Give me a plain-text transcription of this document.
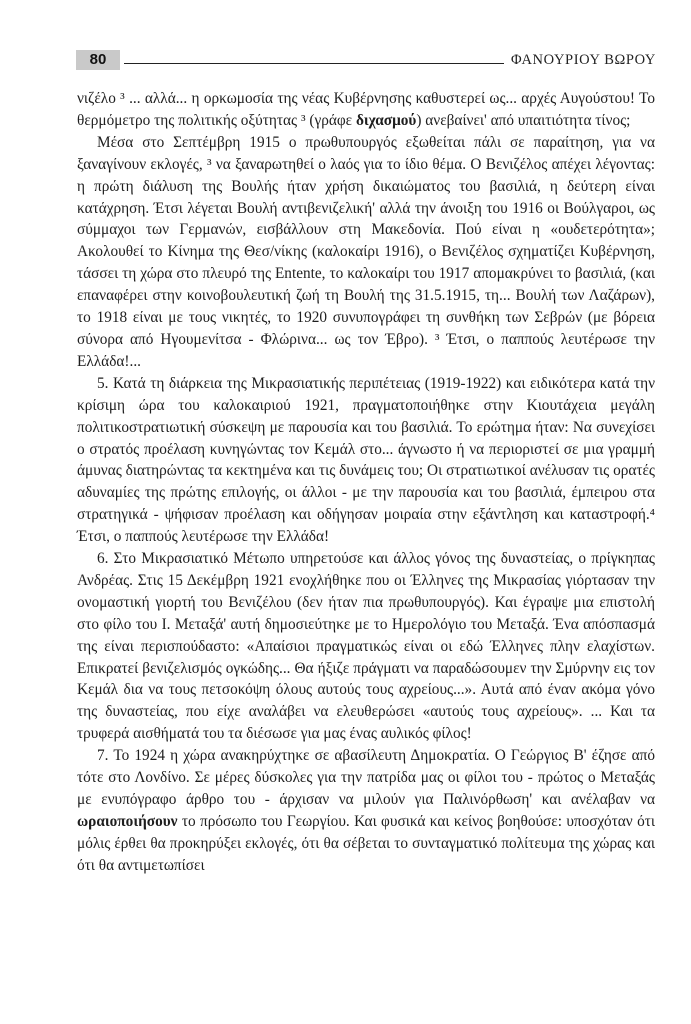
80	ΦΑΝΟΥΡΙΟΥ ΒΩΡΟΥ

νιζέλο ³ ... αλλά... η ορκωμοσία της νέας Κυβέρνησης καθυστερεί ως... αρχές Αυγούστου! Το θερμόμετρο της πολιτικής οξύτητας ³ (γράφε διχασμού) ανεβαίνει' από υπαιτιότητα τίνος;

Μέσα στο Σεπτέμβρη 1915 ο πρωθυπουργός εξωθείται πάλι σε παραίτηση, για να ξαναγίνουν εκλογές, ³ να ξαναρωτηθεί ο λαός για το ίδιο θέμα. Ο Βενιζέλος απέχει λέγοντας: η πρώτη διάλυση της Βουλής ήταν χρήση δικαιώματος του βασιλιά, η δεύτερη είναι κατάχρηση. Έτσι λέγεται Βουλή αντιβενιζελική' αλλά την άνοιξη του 1916 οι Βούλγαροι, ως σύμμαχοι των Γερμανών, εισβάλλουν στη Μακεδονία. Πού είναι η «ουδετερότητα»; Ακολουθεί το Κίνημα της Θεσ/νίκης (καλοκαίρι 1916), ο Βενιζέλος σχηματίζει Κυβέρνηση, τάσσει τη χώρα στο πλευρό της Entente, το καλοκαίρι του 1917 απομακρύνει το βασιλιά, (και επαναφέρει στην κοινοβουλευτική ζωή τη Βουλή της 31.5.1915, τη... Βουλή των Λαζάρων), το 1918 είναι με τους νικητές, το 1920 συνυπογράφει τη συνθήκη των Σεβρών (με βόρεια σύνορα από Ηγουμενίτσα - Φλώρινα... ως τον Έβρο). ³ Έτσι, ο παππούς λευτέρωσε την Ελλάδα!...

5. Κατά τη διάρκεια της Μικρασιατικής περιπέτειας (1919-1922) και ειδικότερα κατά την κρίσιμη ώρα του καλοκαιριού 1921, πραγματοποιήθηκε στην Κιουτάχεια μεγάλη πολιτικοστρατιωτική σύσκεψη με παρουσία και του βασιλιά. Το ερώτημα ήταν: Να συνεχίσει ο στρατός προέλαση κυνηγώντας τον Κεμάλ στο... άγνωστο ή να περιοριστεί σε μια γραμμή άμυνας διατηρώντας τα κεκτημένα και τις δυνάμεις του; Οι στρατιωτικοί ανέλυσαν τις ορατές αδυναμίες της πρώτης επιλογής, οι άλλοι - με την παρουσία και του βασιλιά, έμπειρου στα στρατηγικά - ψήφισαν προέλαση και οδήγησαν μοιραία στην εξάντληση και καταστροφή.⁴ Έτσι, ο παππούς λευτέρωσε την Ελλάδα!

6. Στο Μικρασιατικό Μέτωπο υπηρετούσε και άλλος γόνος της δυναστείας, ο πρίγκηπας Ανδρέας. Στις 15 Δεκέμβρη 1921 ενοχλήθηκε που οι Έλληνες της Μικρασίας γιόρτασαν την ονομαστική γιορτή του Βενιζέλου (δεν ήταν πια πρωθυπουργός). Και έγραψε μια επιστολή στο φίλο του Ι. Μεταξά' αυτή δημοσιεύτηκε με το Ημερολόγιο του Μεταξά. Ένα απόσπασμά της είναι περισπούδαστο: «Απαίσιοι πραγματικώς είναι οι εδώ Έλληνες πλην ελαχίστων. Επικρατεί βενιζελισμός ογκώδης... Θα ήξιζε πράγματι να παραδώσουμεν την Σμύρνην εις τον Κεμάλ δια να τους πετσοκόψη όλους αυτούς τους αχρείους...». Αυτά από έναν ακόμα γόνο της δυναστείας, που είχε αναλάβει να ελευθερώσει «αυτούς τους αχρείους». ... Και τα τρυφερά αισθήματά του τα διέσωσε για μας ένας αυλικός φίλος!

7. Το 1924 η χώρα ανακηρύχτηκε σε αβασίλευτη Δημοκρατία. Ο Γεώργιος Β' έζησε από τότε στο Λονδίνο. Σε μέρες δύσκολες για την πατρίδα μας οι φίλοι του - πρώτος ο Μεταξάς με ενυπόγραφο άρθρο του - άρχισαν να μιλούν για Παλινόρθωση' και ανέλαβαν να ωραιοποιήσουν το πρόσωπο του Γεωργίου. Και φυσικά και κείνος βοηθούσε: υποσχόταν ότι μόλις έρθει θα προκηρύξει εκλογές, ότι θα σέβεται το συνταγματικό πολίτευμα της χώρας και ότι θα αντιμετωπίσει
